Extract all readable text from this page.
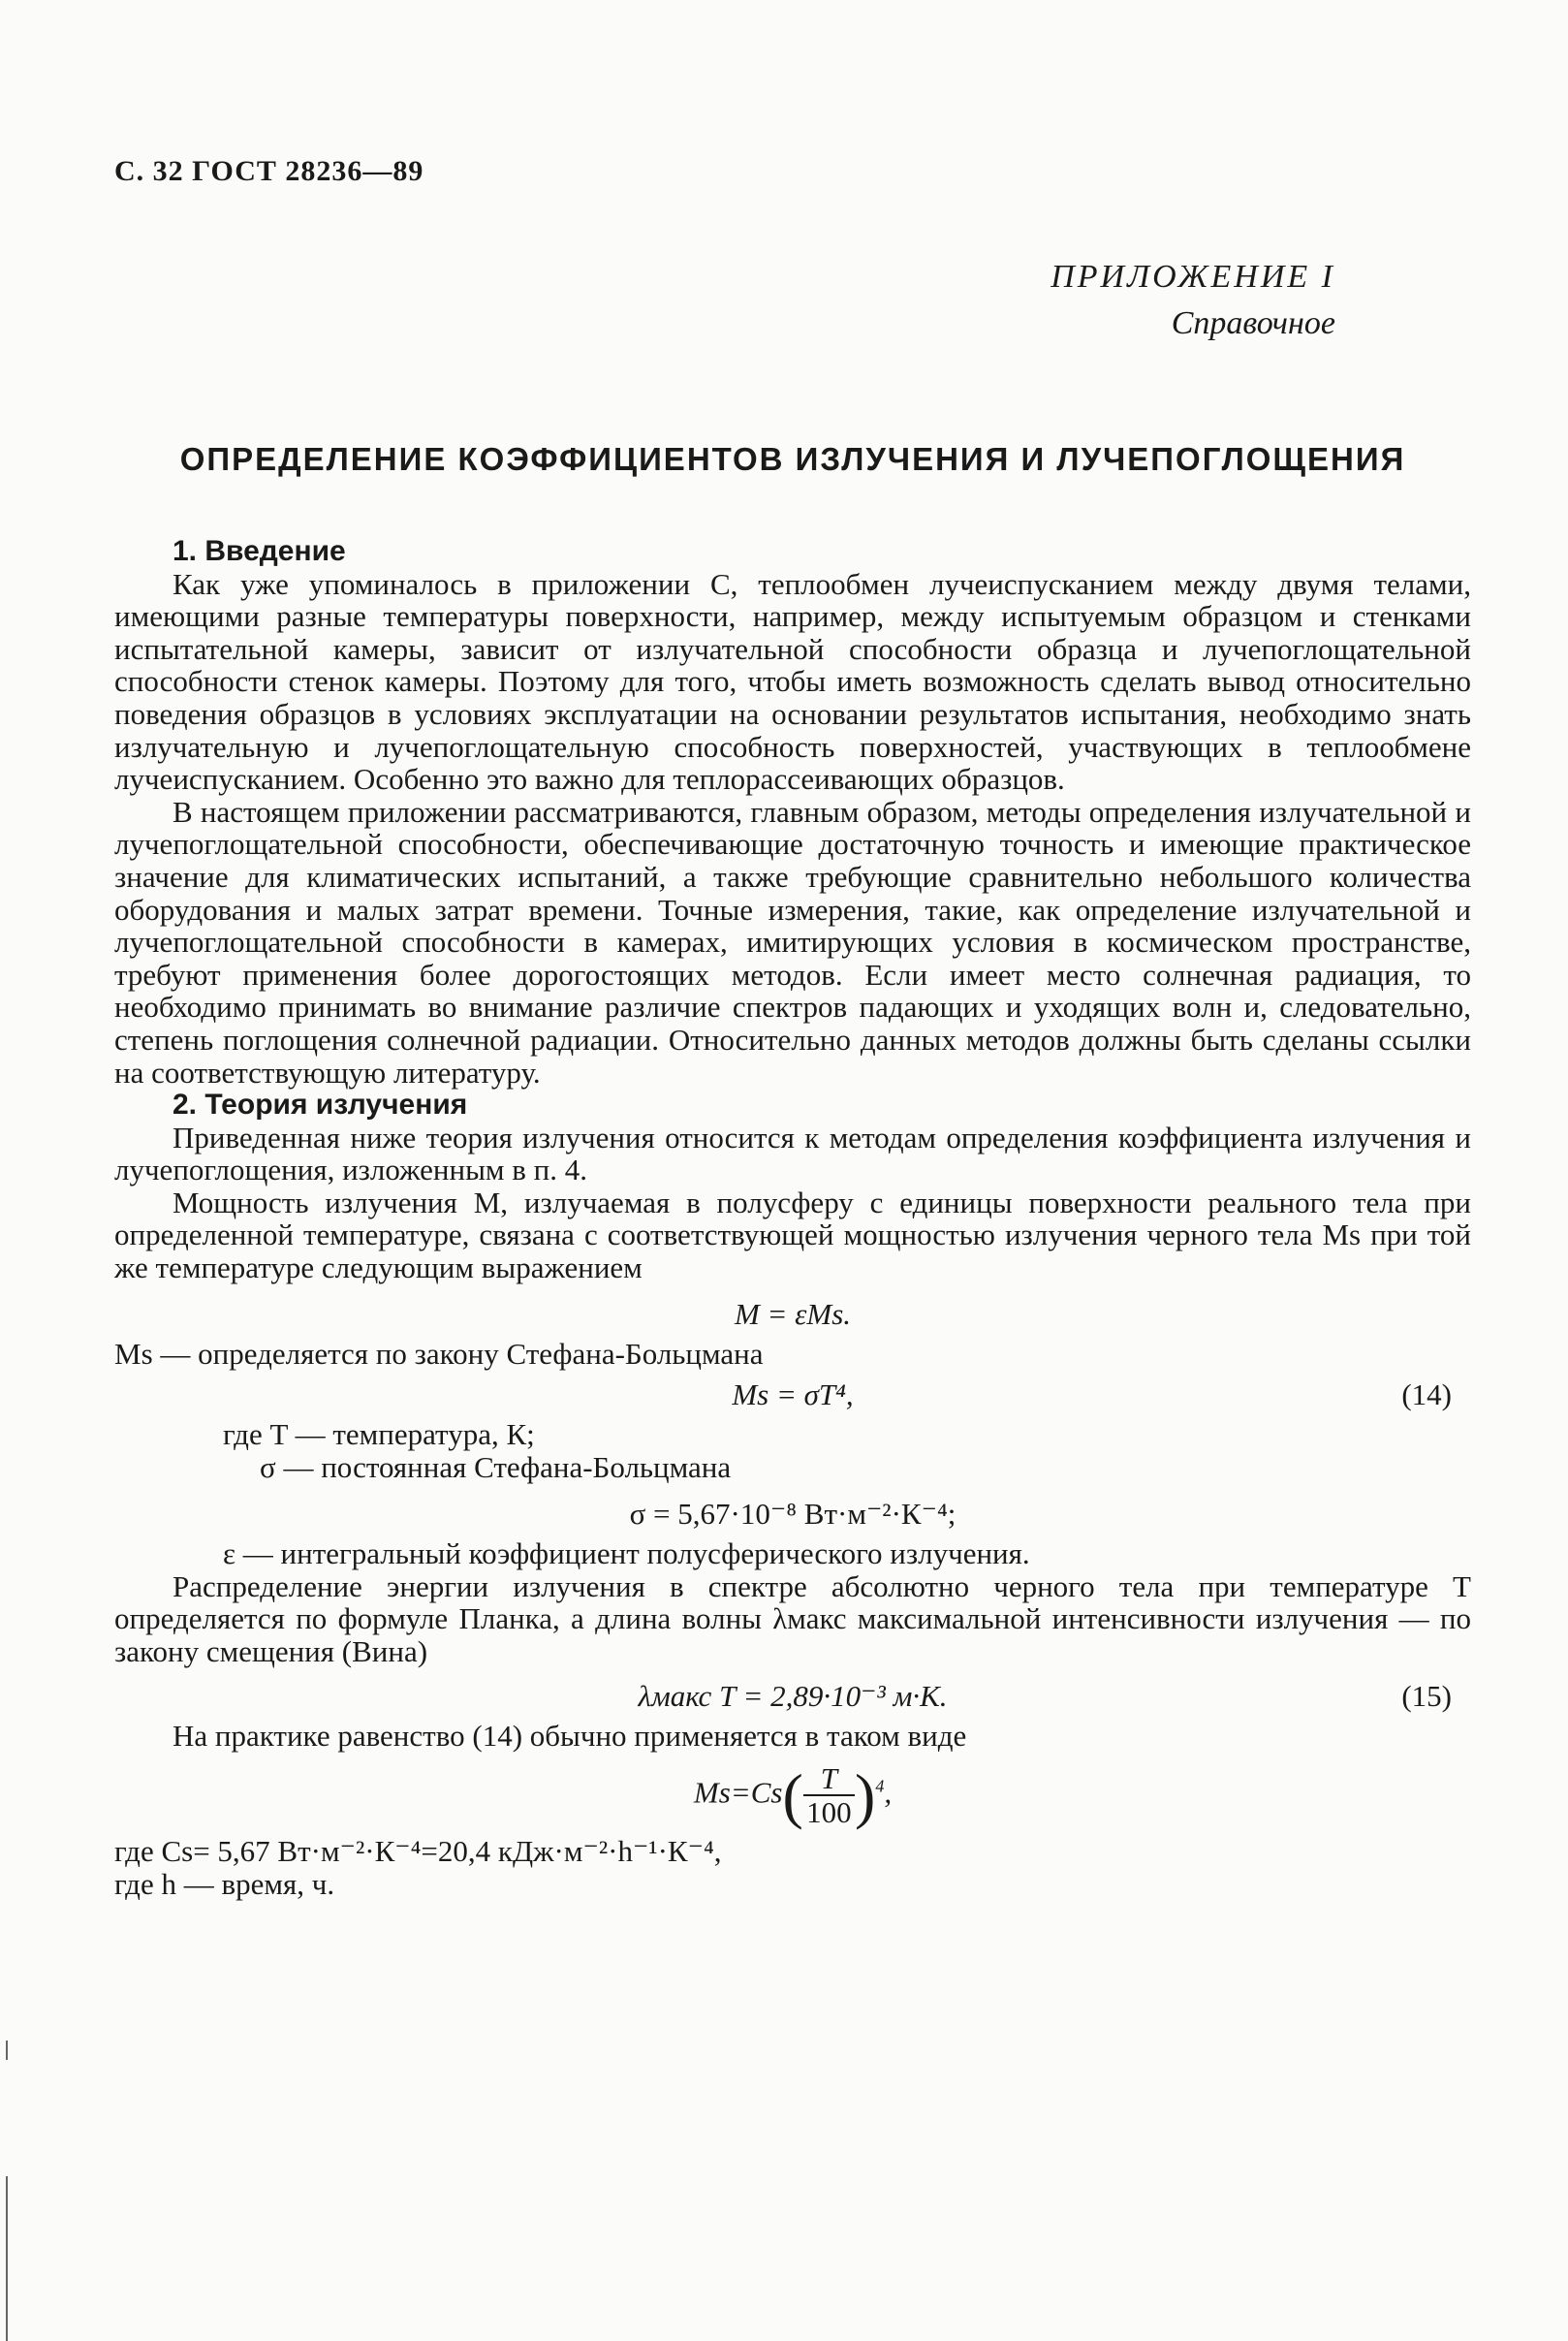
С. 32 ГОСТ 28236—89
ПРИЛОЖЕНИЕ I
Справочное
ОПРЕДЕЛЕНИЕ КОЭФФИЦИЕНТОВ ИЗЛУЧЕНИЯ И ЛУЧЕПОГЛОЩЕНИЯ
1. Введение

Как уже упоминалось в приложении С, теплообмен лучеиспусканием между двумя телами, имеющими разные температуры поверхности, например, между испытуемым образцом и стенками испытательной камеры, зависит от излучательной способности образца и лучепоглощательной способности стенок камеры. Поэтому для того, чтобы иметь возможность сделать вывод относительно поведения образцов в условиях эксплуатации на основании результатов испытания, необходимо знать излучательную и лучепоглощательную способность поверхностей, участвующих в теплообмене лучеиспусканием. Особенно это важно для теплорассеивающих образцов.

В настоящем приложении рассматриваются, главным образом, методы определения излучательной и лучепоглощательной способности, обеспечивающие достаточную точность и имеющие практическое значение для климатических испытаний, а также требующие сравнительно небольшого количества оборудования и малых затрат времени. Точные измерения, такие, как определение излучательной и лучепоглощательной способности в камерах, имитирующих условия в космическом пространстве, требуют применения более дорогостоящих методов. Если имеет место солнечная радиация, то необходимо принимать во внимание различие спектров падающих и уходящих волн и, следовательно, степень поглощения солнечной радиации. Относительно данных методов должны быть сделаны ссылки на соответствующую литературу.

2. Теория излучения

Приведенная ниже теория излучения относится к методам определения коэффициента излучения и лучепоглощения, изложенным в п. 4.

Мощность излучения М, излучаемая в полусферу с единицы поверхности реального тела при определенной температуре, связана с соответствующей мощностью излучения черного тела Ms при той же температуре следующим выражением

M = εMs.

Ms — определяется по закону Стефана-Больцмана

Ms = σT⁴,	(14)

где T — температура, К;

σ — постоянная Стефана-Больцмана

σ = 5,67·10⁻⁸ Вт·м⁻²·К⁻⁴;

ε — интегральный коэффициент полусферического излучения.

Распределение энергии излучения в спектре абсолютно черного тела при температуре T определяется по формуле Планка, а длина волны λмакс максимальной интенсивности излучения — по закону смещения (Вина)

λмакс T = 2,89·10⁻³ м·К.	(15)

На практике равенство (14) обычно применяется в таком виде

$Ms=Cs( \frac{T}{100} )^4$,

где Cs= 5,67 Вт·м⁻²·К⁻⁴=20,4 кДж·м⁻²·h⁻¹·К⁻⁴,

где h — время, ч.
